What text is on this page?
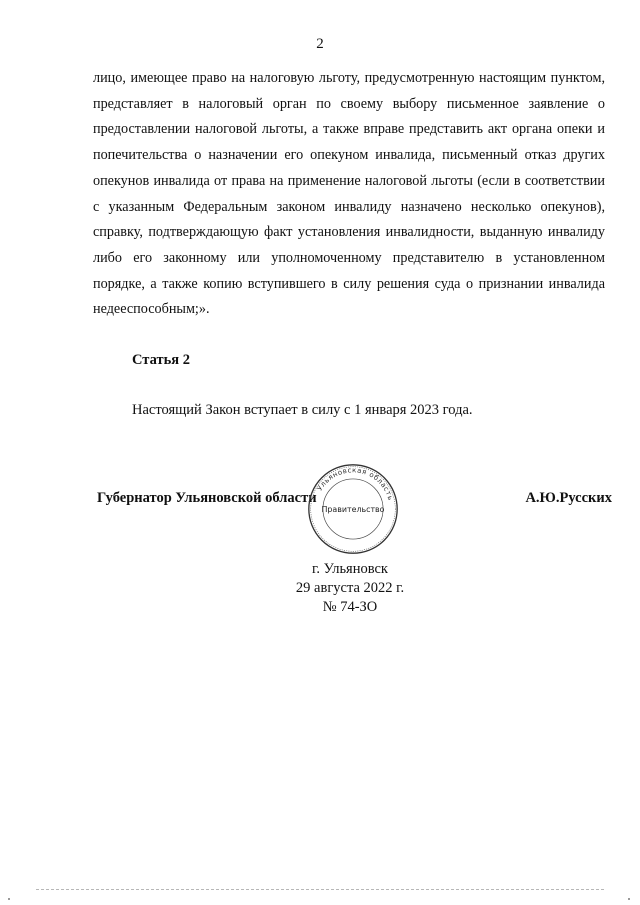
2

лицо, имеющее право на налоговую льготу, предусмотренную настоящим пунктом, представляет в налоговый орган по своему выбору письменное заявление о предоставлении налоговой льготы, а также вправе представить акт органа опеки и попечительства о назначении его опекуном инвалида, письменный отказ других опекунов инвалида от права на применение налоговой льготы (если в соответствии с указанным Федеральным законом инвалиду назначено несколько опекунов), справку, подтверждающую факт установления инвалидности, выданную инвалиду либо его законному или уполномоченному представителю в установленном порядке, а также копию вступившего в силу решения суда о признании инвалида недееспособным;».

Статья 2
Настоящий Закон вступает в силу с 1 января 2023 года.
Губернатор Ульяновской области	А.Ю.Русских
Ульяновская область
Правительство
г. Ульяновск
29 августа 2022 г.
№ 74-ЗО
